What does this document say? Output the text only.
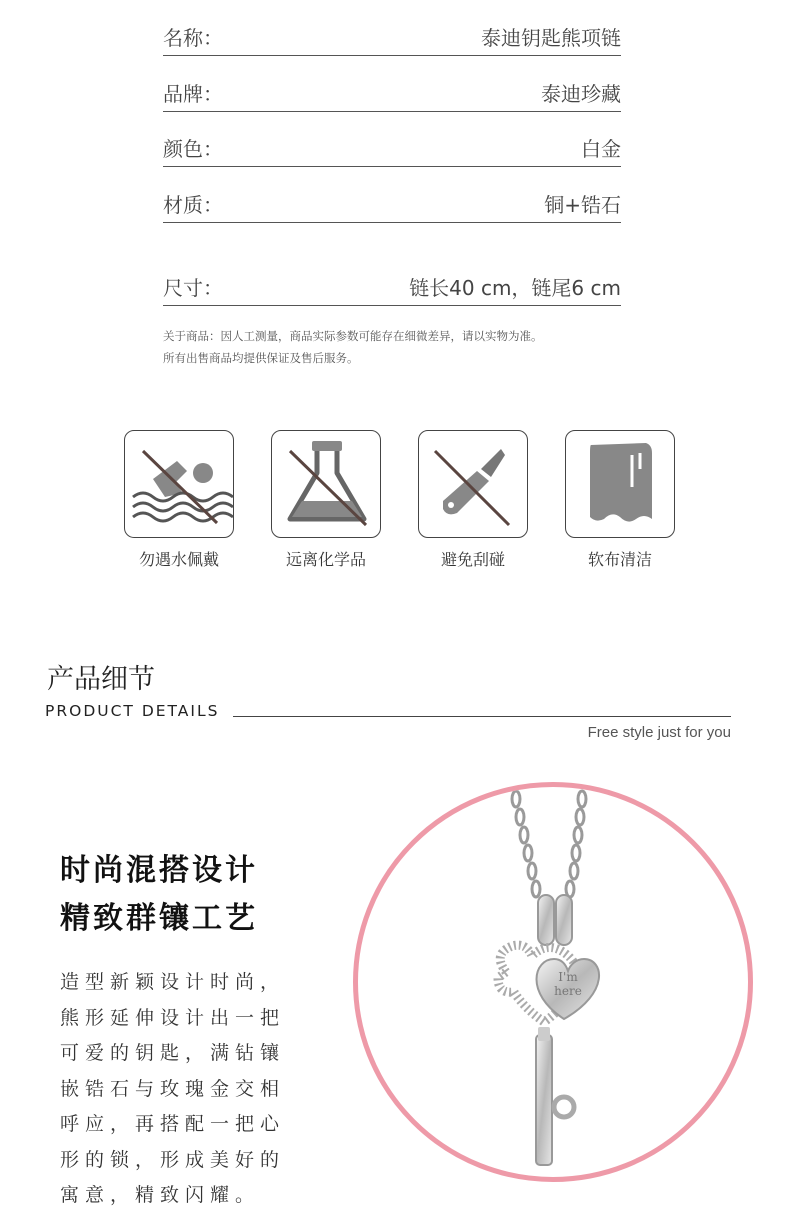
名称：	泰迪钥匙熊项链
品牌：	泰迪珍藏
颜色：	白金
材质：	铜+锆石
尺寸：	链长40 cm，链尾6 cm
关于商品：因人工测量，商品实际参数可能存在细微差异，请以实物为准。
所有出售商品均提供保证及售后服务。
勿遇水佩戴	远离化学品	避免刮碰	软布清洁
产品细节
PRODUCT DETAILS
Free style just for you
时尚混搭设计
精致群镶工艺
造型新颖设计时尚，熊形延伸设计出一把可爱的钥匙，满钻镶嵌锆石与玫瑰金交相呼应，再搭配一把心形的锁，形成美好的寓意，精致闪耀。
I'm
here
